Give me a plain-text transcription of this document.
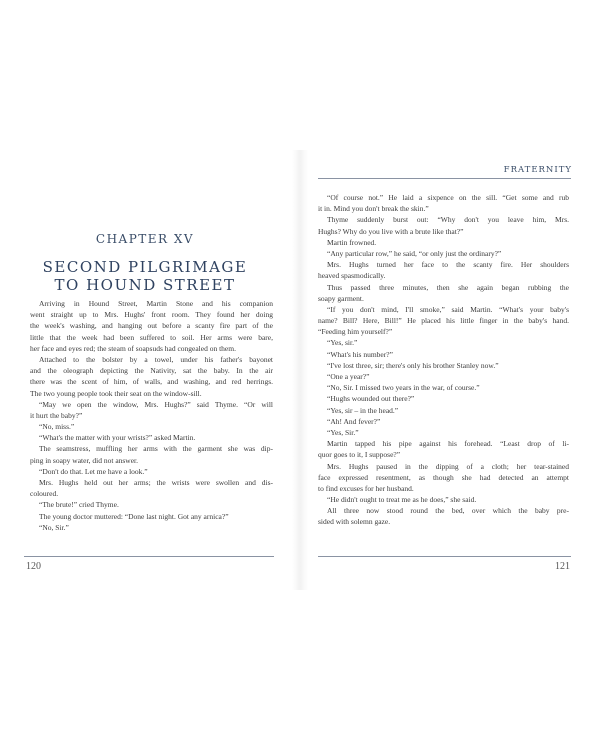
CHAPTER XV
SECOND PILGRIMAGE
TO HOUND STREET
Arriving in Hound Street, Martin Stone and his companion
went straight up to Mrs. Hughs' front room. They found her doing
the week's washing, and hanging out before a scanty fire part of the
little that the week had been suffered to soil. Her arms were bare,
her face and eyes red; the steam of soapsuds had congealed on them.
Attached to the bolster by a towel, under his father's bayonet
and the oleograph depicting the Nativity, sat the baby. In the air
there was the scent of him, of walls, and washing, and red herrings.
The two young people took their seat on the window-sill.
“May we open the window, Mrs. Hughs?” said Thyme. “Or will
it hurt the baby?”
“No, miss.”
“What's the matter with your wrists?” asked Martin.
The seamstress, muffling her arms with the garment she was dip-
ping in soapy water, did not answer.
“Don't do that. Let me have a look.”
Mrs. Hughs held out her arms; the wrists were swollen and dis-
coloured.
“The brute!” cried Thyme.
The young doctor muttered: “Done last night. Got any arnica?”
“No, Sir.”
120
FRATERNITY
“Of course not.” He laid a sixpence on the sill. “Get some and rub
it in. Mind you don't break the skin.”
Thyme suddenly burst out: “Why don't you leave him, Mrs.
Hughs? Why do you live with a brute like that?”
Martin frowned.
“Any particular row,” he said, “or only just the ordinary?”
Mrs. Hughs turned her face to the scanty fire. Her shoulders
heaved spasmodically.
Thus passed three minutes, then she again began rubbing the
soapy garment.
“If you don't mind, I'll smoke,” said Martin. “What's your baby's
name? Bill? Here, Bill!” He placed his little finger in the baby's hand.
“Feeding him yourself?”
“Yes, sir.”
“What's his number?”
“I've lost three, sir; there's only his brother Stanley now.”
“One a year?”
“No, Sir. I missed two years in the war, of course.”
“Hughs wounded out there?”
“Yes, sir – in the head.”
“Ah! And fever?”
“Yes, Sir.”
Martin tapped his pipe against his forehead. “Least drop of li-
quor goes to it, I suppose?”
Mrs. Hughs paused in the dipping of a cloth; her tear-stained
face expressed resentment, as though she had detected an attempt
to find excuses for her husband.
“He didn't ought to treat me as he does,” she said.
All three now stood round the bed, over which the baby pre-
sided with solemn gaze.
121
